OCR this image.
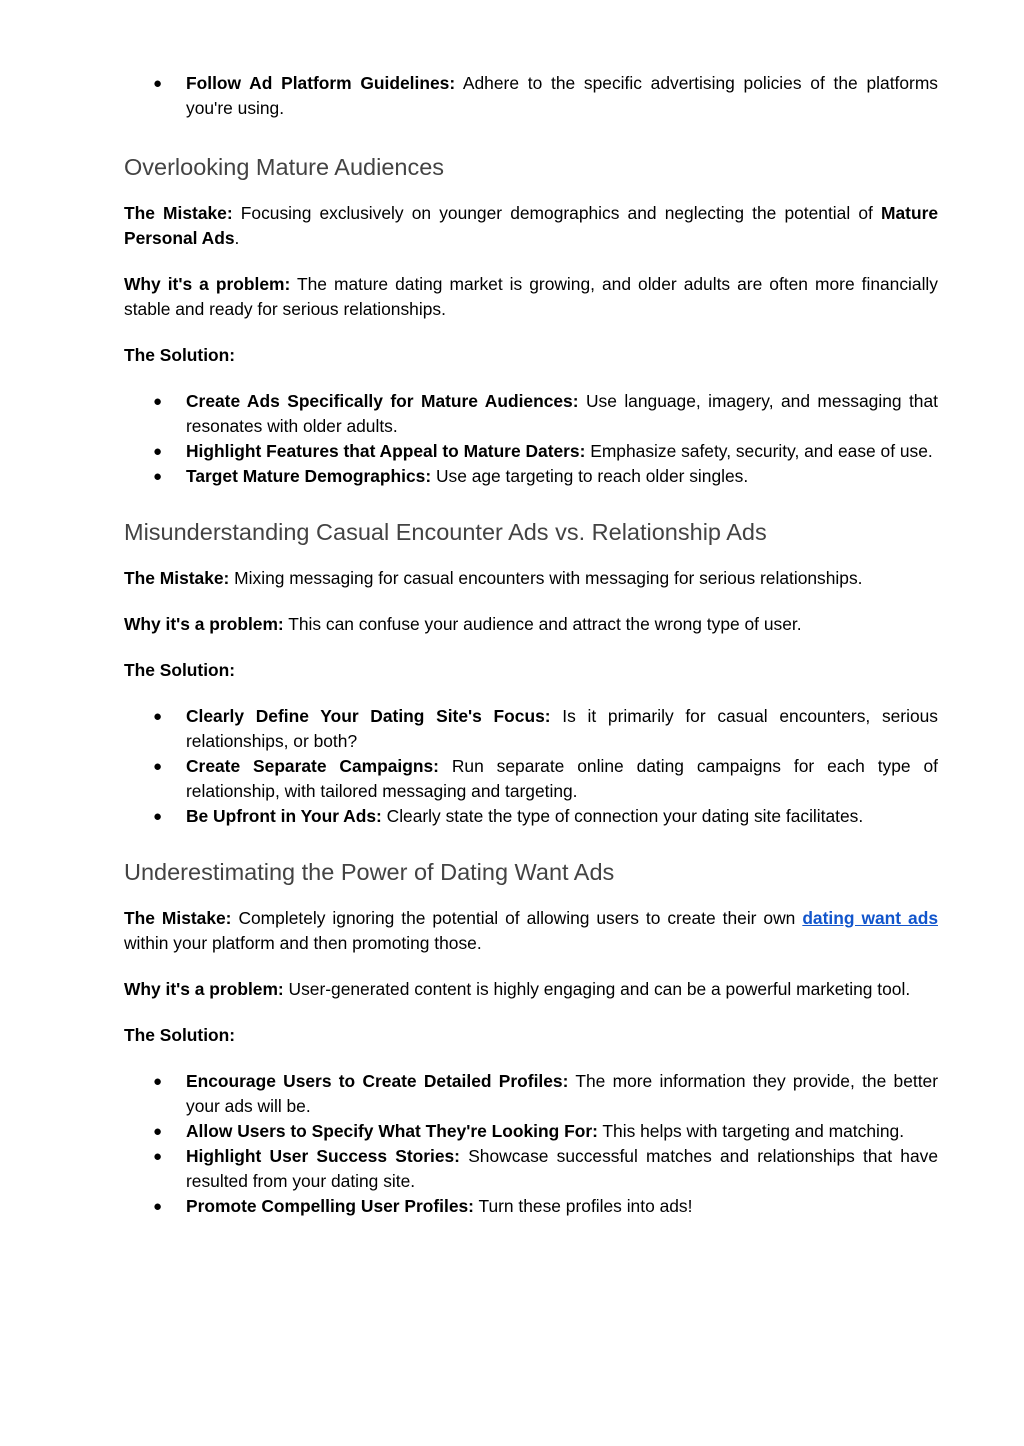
● Follow Ad Platform Guidelines: Adhere to the specific advertising policies of the platforms you're using.
Overlooking Mature Audiences

The Mistake: Focusing exclusively on younger demographics and neglecting the potential of Mature Personal Ads.

Why it's a problem: The mature dating market is growing, and older adults are often more financially stable and ready for serious relationships.

The Solution:

● Create Ads Specifically for Mature Audiences: Use language, imagery, and messaging that resonates with older adults.
● Highlight Features that Appeal to Mature Daters: Emphasize safety, security, and ease of use.
● Target Mature Demographics: Use age targeting to reach older singles.
Misunderstanding Casual Encounter Ads vs. Relationship Ads

The Mistake: Mixing messaging for casual encounters with messaging for serious relationships.

Why it's a problem: This can confuse your audience and attract the wrong type of user.

The Solution:

● Clearly Define Your Dating Site's Focus: Is it primarily for casual encounters, serious relationships, or both?
● Create Separate Campaigns: Run separate online dating campaigns for each type of relationship, with tailored messaging and targeting.
● Be Upfront in Your Ads: Clearly state the type of connection your dating site facilitates.
Underestimating the Power of Dating Want Ads

The Mistake: Completely ignoring the potential of allowing users to create their own dating want ads within your platform and then promoting those.

Why it's a problem: User-generated content is highly engaging and can be a powerful marketing tool.

The Solution:

● Encourage Users to Create Detailed Profiles: The more information they provide, the better your ads will be.
● Allow Users to Specify What They're Looking For: This helps with targeting and matching.
● Highlight User Success Stories: Showcase successful matches and relationships that have resulted from your dating site.
● Promote Compelling User Profiles: Turn these profiles into ads!
